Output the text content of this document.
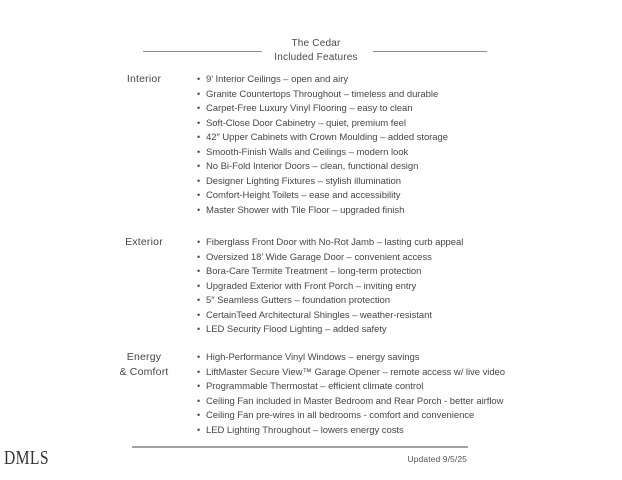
The Cedar
Included Features
Interior	• 9’ Interior Ceilings – open and airy
• Granite Countertops Throughout – timeless and durable
• Carpet-Free Luxury Vinyl Flooring – easy to clean
• Soft-Close Door Cabinetry – quiet, premium feel
• 42″ Upper Cabinets with Crown Moulding – added storage
• Smooth-Finish Walls and Ceilings – modern look
• No Bi-Fold Interior Doors – clean, functional design
• Designer Lighting Fixtures – stylish illumination
• Comfort-Height Toilets – ease and accessibility
• Master Shower with Tile Floor – upgraded finish
Exterior	• Fiberglass Front Door with No-Rot Jamb – lasting curb appeal
• Oversized 18’ Wide Garage Door – convenient access
• Bora-Care Termite Treatment – long-term protection
• Upgraded Exterior with Front Porch – inviting entry
• 5″ Seamless Gutters – foundation protection
• CertainTeed Architectural Shingles – weather-resistant
• LED Security Flood Lighting – added safety
Energy
& Comfort
• High-Performance Vinyl Windows – energy savings
• LiftMaster Secure View™ Garage Opener – remote access w/ live video
• Programmable Thermostat – efficient climate control
• Ceiling Fan included in Master Bedroom and Rear Porch - better airflow
• Ceiling Fan pre-wires in all bedrooms - comfort and convenience
• LED Lighting Throughout – lowers energy costs
Updated 9/5/25
DMLS
